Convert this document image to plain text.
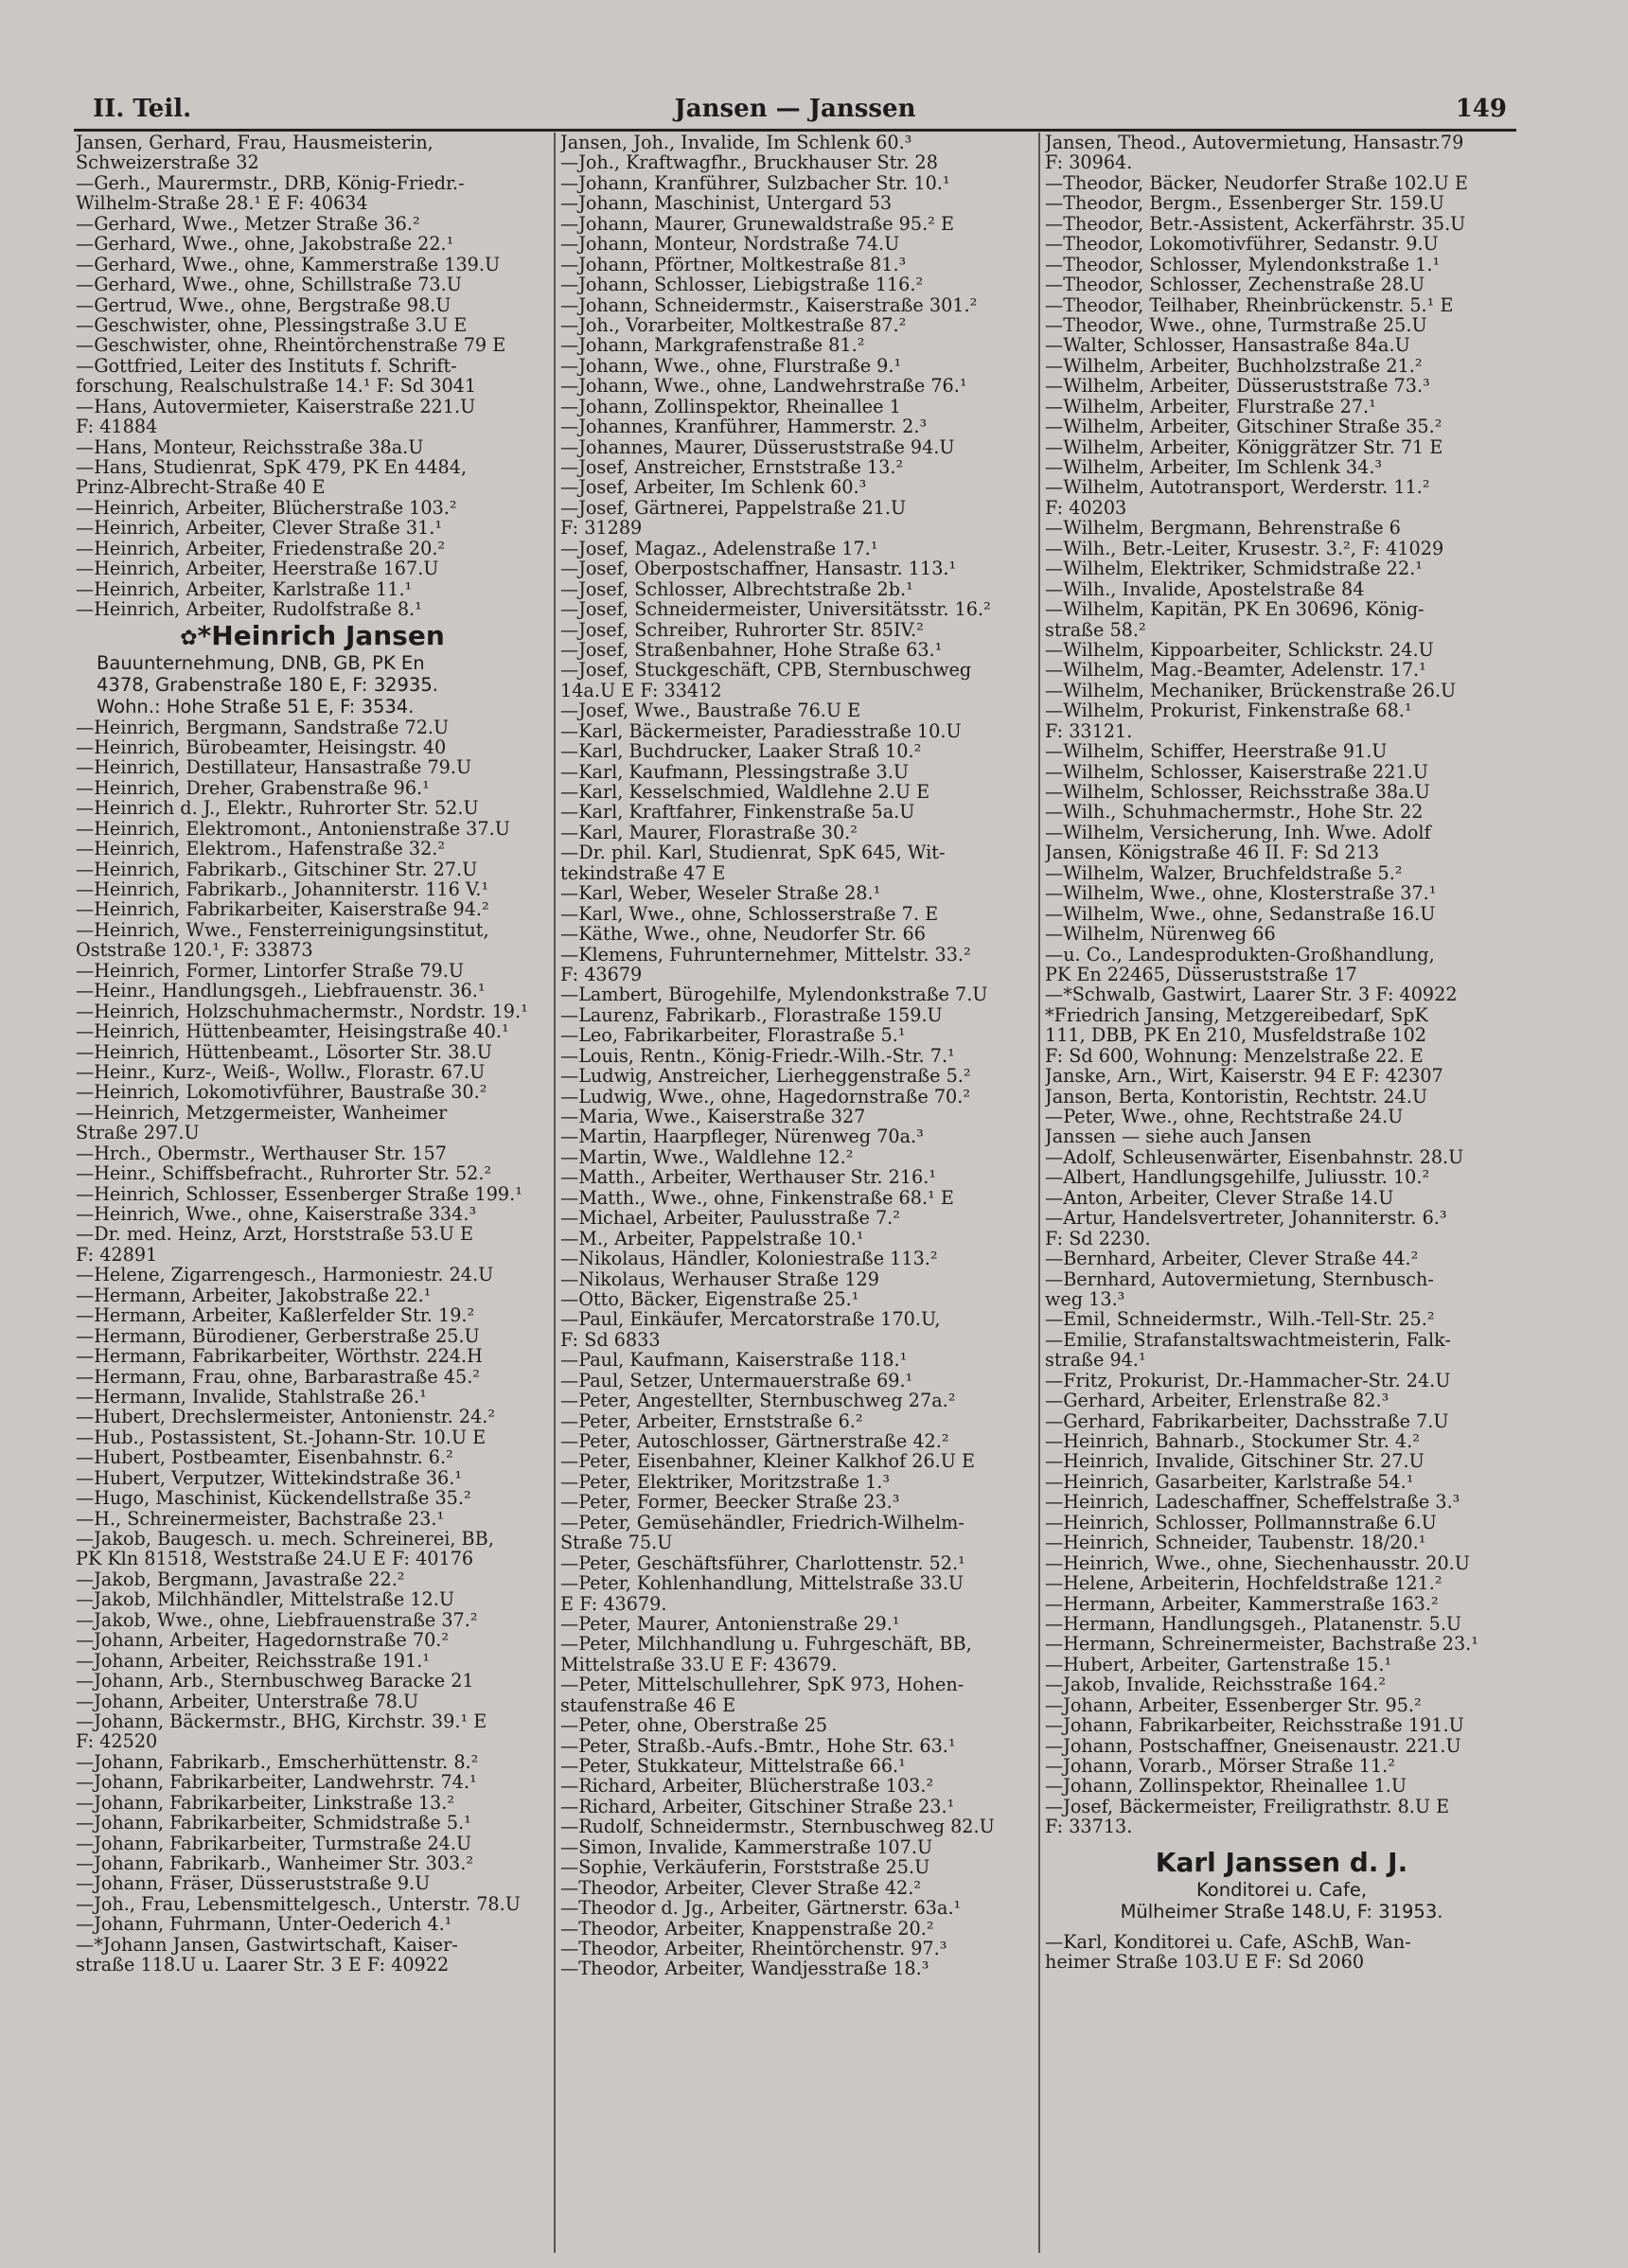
II. Teil.	Jansen — Janssen	149
Jansen, Gerhard, Frau, Hausmeisterin,
Schweizerstraße 32
—Gerh., Maurermstr., DRB, König-Friedr.-
Wilhelm-Straße 28.¹ E F: 40634
—Gerhard, Wwe., Metzer Straße 36.²
—Gerhard, Wwe., ohne, Jakobstraße 22.¹
—Gerhard, Wwe., ohne, Kammerstraße 139.U
—Gerhard, Wwe., ohne, Schillstraße 73.U
—Gertrud, Wwe., ohne, Bergstraße 98.U
—Geschwister, ohne, Plessingstraße 3.U E
—Geschwister, ohne, Rheintörchenstraße 79 E
—Gottfried, Leiter des Instituts f. Schrift-
forschung, Realschulstraße 14.¹ F: Sd 3041
—Hans, Autovermieter, Kaiserstraße 221.U
F: 41884
—Hans, Monteur, Reichsstraße 38a.U
—Hans, Studienrat, SpK 479, PK En 4484,
Prinz-Albrecht-Straße 40 E
—Heinrich, Arbeiter, Blücherstraße 103.²
—Heinrich, Arbeiter, Clever Straße 31.¹
—Heinrich, Arbeiter, Friedenstraße 20.²
—Heinrich, Arbeiter, Heerstraße 167.U
—Heinrich, Arbeiter, Karlstraße 11.¹
—Heinrich, Arbeiter, Rudolfstraße 8.¹
✿*Heinrich Jansen
Bauunternehmung, DNB, GB, PK En
4378, Grabenstraße 180 E, F: 32935.
Wohn.: Hohe Straße 51 E, F: 3534.
—Heinrich, Bergmann, Sandstraße 72.U
—Heinrich, Bürobeamter, Heisingstr. 40
—Heinrich, Destillateur, Hansastraße 79.U
—Heinrich, Dreher, Grabenstraße 96.¹
—Heinrich d. J., Elektr., Ruhrorter Str. 52.U
—Heinrich, Elektromont., Antonienstraße 37.U
—Heinrich, Elektrom., Hafenstraße 32.²
—Heinrich, Fabrikarb., Gitschiner Str. 27.U
—Heinrich, Fabrikarb., Johanniterstr. 116 V.¹
—Heinrich, Fabrikarbeiter, Kaiserstraße 94.²
—Heinrich, Wwe., Fensterreinigungsinstitut,
Oststraße 120.¹, F: 33873
—Heinrich, Former, Lintorfer Straße 79.U
—Heinr., Handlungsgeh., Liebfrauenstr. 36.¹
—Heinrich, Holzschuhmachermstr., Nordstr. 19.¹
—Heinrich, Hüttenbeamter, Heisingstraße 40.¹
—Heinrich, Hüttenbeamt., Lösorter Str. 38.U
—Heinr., Kurz-, Weiß-, Wollw., Florastr. 67.U
—Heinrich, Lokomotivführer, Baustraße 30.²
—Heinrich, Metzgermeister, Wanheimer
Straße 297.U
—Hrch., Obermstr., Werthauser Str. 157
—Heinr., Schiffsbefracht., Ruhrorter Str. 52.²
—Heinrich, Schlosser, Essenberger Straße 199.¹
—Heinrich, Wwe., ohne, Kaiserstraße 334.³
—Dr. med. Heinz, Arzt, Horststraße 53.U E
F: 42891
—Helene, Zigarrengesch., Harmoniestr. 24.U
—Hermann, Arbeiter, Jakobstraße 22.¹
—Hermann, Arbeiter, Kaßlerfelder Str. 19.²
—Hermann, Bürodiener, Gerberstraße 25.U
—Hermann, Fabrikarbeiter, Wörthstr. 224.H
—Hermann, Frau, ohne, Barbarastraße 45.²
—Hermann, Invalide, Stahlstraße 26.¹
—Hubert, Drechslermeister, Antonienstr. 24.²
—Hub., Postassistent, St.-Johann-Str. 10.U E
—Hubert, Postbeamter, Eisenbahnstr. 6.²
—Hubert, Verputzer, Wittekindstraße 36.¹
—Hugo, Maschinist, Kückendellstraße 35.²
—H., Schreinermeister, Bachstraße 23.¹
—Jakob, Baugesch. u. mech. Schreinerei, BB,
PK Kln 81518, Weststraße 24.U E F: 40176
—Jakob, Bergmann, Javastraße 22.²
—Jakob, Milchhändler, Mittelstraße 12.U
—Jakob, Wwe., ohne, Liebfrauenstraße 37.²
—Johann, Arbeiter, Hagedornstraße 70.²
—Johann, Arbeiter, Reichsstraße 191.¹
—Johann, Arb., Sternbuschweg Baracke 21
—Johann, Arbeiter, Unterstraße 78.U
—Johann, Bäckermstr., BHG, Kirchstr. 39.¹ E
F: 42520
—Johann, Fabrikarb., Emscherhüttenstr. 8.²
—Johann, Fabrikarbeiter, Landwehrstr. 74.¹
—Johann, Fabrikarbeiter, Linkstraße 13.²
—Johann, Fabrikarbeiter, Schmidstraße 5.¹
—Johann, Fabrikarbeiter, Turmstraße 24.U
—Johann, Fabrikarb., Wanheimer Str. 303.²
—Johann, Fräser, Düsseruststraße 9.U
—Joh., Frau, Lebensmittelgesch., Unterstr. 78.U
—Johann, Fuhrmann, Unter-Oederich 4.¹
—*Johann Jansen, Gastwirtschaft, Kaiser-
straße 118.U u. Laarer Str. 3 E F: 40922
Jansen, Joh., Invalide, Im Schlenk 60.³
—Joh., Kraftwagfhr., Bruckhauser Str. 28
—Johann, Kranführer, Sulzbacher Str. 10.¹
—Johann, Maschinist, Untergard 53
—Johann, Maurer, Grunewaldstraße 95.² E
—Johann, Monteur, Nordstraße 74.U
—Johann, Pförtner, Moltkestraße 81.³
—Johann, Schlosser, Liebigstraße 116.²
—Johann, Schneidermstr., Kaiserstraße 301.²
—Joh., Vorarbeiter, Moltkestraße 87.²
—Johann, Markgrafenstraße 81.²
—Johann, Wwe., ohne, Flurstraße 9.¹
—Johann, Wwe., ohne, Landwehrstraße 76.¹
—Johann, Zollinspektor, Rheinallee 1
—Johannes, Kranführer, Hammerstr. 2.³
—Johannes, Maurer, Düsseruststraße 94.U
—Josef, Anstreicher, Ernststraße 13.²
—Josef, Arbeiter, Im Schlenk 60.³
—Josef, Gärtnerei, Pappelstraße 21.U
F: 31289
—Josef, Magaz., Adelenstraße 17.¹
—Josef, Oberpostschaffner, Hansastr. 113.¹
—Josef, Schlosser, Albrechtstraße 2b.¹
—Josef, Schneidermeister, Universitätsstr. 16.²
—Josef, Schreiber, Ruhrorter Str. 85IV.²
—Josef, Straßenbahner, Hohe Straße 63.¹
—Josef, Stuckgeschäft, CPB, Sternbuschweg
14a.U E F: 33412
—Josef, Wwe., Baustraße 76.U E
—Karl, Bäckermeister, Paradiesstraße 10.U
—Karl, Buchdrucker, Laaker Straß 10.²
—Karl, Kaufmann, Plessingstraße 3.U
—Karl, Kesselschmied, Waldlehne 2.U E
—Karl, Kraftfahrer, Finkenstraße 5a.U
—Karl, Maurer, Florastraße 30.²
—Dr. phil. Karl, Studienrat, SpK 645, Wit-
tekindstraße 47 E
—Karl, Weber, Weseler Straße 28.¹
—Karl, Wwe., ohne, Schlosserstraße 7. E
—Käthe, Wwe., ohne, Neudorfer Str. 66
—Klemens, Fuhrunternehmer, Mittelstr. 33.²
F: 43679
—Lambert, Bürogehilfe, Mylendonkstraße 7.U
—Laurenz, Fabrikarb., Florastraße 159.U
—Leo, Fabrikarbeiter, Florastraße 5.¹
—Louis, Rentn., König-Friedr.-Wilh.-Str. 7.¹
—Ludwig, Anstreicher, Lierheggenstraße 5.²
—Ludwig, Wwe., ohne, Hagedornstraße 70.²
—Maria, Wwe., Kaiserstraße 327
—Martin, Haarpfleger, Nürenweg 70a.³
—Martin, Wwe., Waldlehne 12.²
—Matth., Arbeiter, Werthauser Str. 216.¹
—Matth., Wwe., ohne, Finkenstraße 68.¹ E
—Michael, Arbeiter, Paulusstraße 7.²
—M., Arbeiter, Pappelstraße 10.¹
—Nikolaus, Händler, Koloniestraße 113.²
—Nikolaus, Werhauser Straße 129
—Otto, Bäcker, Eigenstraße 25.¹
—Paul, Einkäufer, Mercatorstraße 170.U,
F: Sd 6833
—Paul, Kaufmann, Kaiserstraße 118.¹
—Paul, Setzer, Untermauerstraße 69.¹
—Peter, Angestellter, Sternbuschweg 27a.²
—Peter, Arbeiter, Ernststraße 6.²
—Peter, Autoschlosser, Gärtnerstraße 42.²
—Peter, Eisenbahner, Kleiner Kalkhof 26.U E
—Peter, Elektriker, Moritzstraße 1.³
—Peter, Former, Beecker Straße 23.³
—Peter, Gemüsehändler, Friedrich-Wilhelm-
Straße 75.U
—Peter, Geschäftsführer, Charlottenstr. 52.¹
—Peter, Kohlenhandlung, Mittelstraße 33.U
E F: 43679.
—Peter, Maurer, Antonienstraße 29.¹
—Peter, Milchhandlung u. Fuhrgeschäft, BB,
Mittelstraße 33.U E F: 43679.
—Peter, Mittelschullehrer, SpK 973, Hohen-
staufenstraße 46 E
—Peter, ohne, Oberstraße 25
—Peter, Straßb.-Aufs.-Bmtr., Hohe Str. 63.¹
—Peter, Stukkateur, Mittelstraße 66.¹
—Richard, Arbeiter, Blücherstraße 103.²
—Richard, Arbeiter, Gitschiner Straße 23.¹
—Rudolf, Schneidermstr., Sternbuschweg 82.U
—Simon, Invalide, Kammerstraße 107.U
—Sophie, Verkäuferin, Forststraße 25.U
—Theodor, Arbeiter, Clever Straße 42.²
—Theodor d. Jg., Arbeiter, Gärtnerstr. 63a.¹
—Theodor, Arbeiter, Knappenstraße 20.²
—Theodor, Arbeiter, Rheintörchenstr. 97.³
—Theodor, Arbeiter, Wandjesstraße 18.³
Jansen, Theod., Autovermietung, Hansastr.79
F: 30964.
—Theodor, Bäcker, Neudorfer Straße 102.U E
—Theodor, Bergm., Essenberger Str. 159.U
—Theodor, Betr.-Assistent, Ackerfährstr. 35.U
—Theodor, Lokomotivführer, Sedanstr. 9.U
—Theodor, Schlosser, Mylendonkstraße 1.¹
—Theodor, Schlosser, Zechenstraße 28.U
—Theodor, Teilhaber, Rheinbrückenstr. 5.¹ E
—Theodor, Wwe., ohne, Turmstraße 25.U
—Walter, Schlosser, Hansastraße 84a.U
—Wilhelm, Arbeiter, Buchholzstraße 21.²
—Wilhelm, Arbeiter, Düsseruststraße 73.³
—Wilhelm, Arbeiter, Flurstraße 27.¹
—Wilhelm, Arbeiter, Gitschiner Straße 35.²
—Wilhelm, Arbeiter, Königgrätzer Str. 71 E
—Wilhelm, Arbeiter, Im Schlenk 34.³
—Wilhelm, Autotransport, Werderstr. 11.²
F: 40203
—Wilhelm, Bergmann, Behrenstraße 6
—Wilh., Betr.-Leiter, Krusestr. 3.², F: 41029
—Wilhelm, Elektriker, Schmidstraße 22.¹
—Wilh., Invalide, Apostelstraße 84
—Wilhelm, Kapitän, PK En 30696, König-
straße 58.²
—Wilhelm, Kippoarbeiter, Schlickstr. 24.U
—Wilhelm, Mag.-Beamter, Adelenstr. 17.¹
—Wilhelm, Mechaniker, Brückenstraße 26.U
—Wilhelm, Prokurist, Finkenstraße 68.¹
F: 33121.
—Wilhelm, Schiffer, Heerstraße 91.U
—Wilhelm, Schlosser, Kaiserstraße 221.U
—Wilhelm, Schlosser, Reichsstraße 38a.U
—Wilh., Schuhmachermstr., Hohe Str. 22
—Wilhelm, Versicherung, Inh. Wwe. Adolf
Jansen, Königstraße 46 II. F: Sd 213
—Wilhelm, Walzer, Bruchfeldstraße 5.²
—Wilhelm, Wwe., ohne, Klosterstraße 37.¹
—Wilhelm, Wwe., ohne, Sedanstraße 16.U
—Wilhelm, Nürenweg 66
—u. Co., Landesprodukten-Großhandlung,
PK En 22465, Düsseruststraße 17
—*Schwalb, Gastwirt, Laarer Str. 3 F: 40922
*Friedrich Jansing, Metzgereibedarf, SpK
111, DBB, PK En 210, Musfeldstraße 102
F: Sd 600, Wohnung: Menzelstraße 22. E
Janske, Arn., Wirt, Kaiserstr. 94 E F: 42307
Janson, Berta, Kontoristin, Rechtstr. 24.U
—Peter, Wwe., ohne, Rechtstraße 24.U
Janssen — siehe auch Jansen
—Adolf, Schleusenwärter, Eisenbahnstr. 28.U
—Albert, Handlungsgehilfe, Juliusstr. 10.²
—Anton, Arbeiter, Clever Straße 14.U
—Artur, Handelsvertreter, Johanniterstr. 6.³
F: Sd 2230.
—Bernhard, Arbeiter, Clever Straße 44.²
—Bernhard, Autovermietung, Sternbusch-
weg 13.³
—Emil, Schneidermstr., Wilh.-Tell-Str. 25.²
—Emilie, Strafanstaltswachtmeisterin, Falk-
straße 94.¹
—Fritz, Prokurist, Dr.-Hammacher-Str. 24.U
—Gerhard, Arbeiter, Erlenstraße 82.³
—Gerhard, Fabrikarbeiter, Dachsstraße 7.U
—Heinrich, Bahnarb., Stockumer Str. 4.²
—Heinrich, Invalide, Gitschiner Str. 27.U
—Heinrich, Gasarbeiter, Karlstraße 54.¹
—Heinrich, Ladeschaffner, Scheffelstraße 3.³
—Heinrich, Schlosser, Pollmannstraße 6.U
—Heinrich, Schneider, Taubenstr. 18/20.¹
—Heinrich, Wwe., ohne, Siechenhausstr. 20.U
—Helene, Arbeiterin, Hochfeldstraße 121.²
—Hermann, Arbeiter, Kammerstraße 163.²
—Hermann, Handlungsgeh., Platanenstr. 5.U
—Hermann, Schreinermeister, Bachstraße 23.¹
—Hubert, Arbeiter, Gartenstraße 15.¹
—Jakob, Invalide, Reichsstraße 164.²
—Johann, Arbeiter, Essenberger Str. 95.²
—Johann, Fabrikarbeiter, Reichsstraße 191.U
—Johann, Postschaffner, Gneisenaustr. 221.U
—Johann, Vorarb., Mörser Straße 11.²
—Johann, Zollinspektor, Rheinallee 1.U
—Josef, Bäckermeister, Freiligrathstr. 8.U E
F: 33713.
Karl Janssen d. J.
Konditorei u. Cafe,
Mülheimer Straße 148.U, F: 31953.
—Karl, Konditorei u. Cafe, ASchB, Wan-
heimer Straße 103.U E F: Sd 2060
